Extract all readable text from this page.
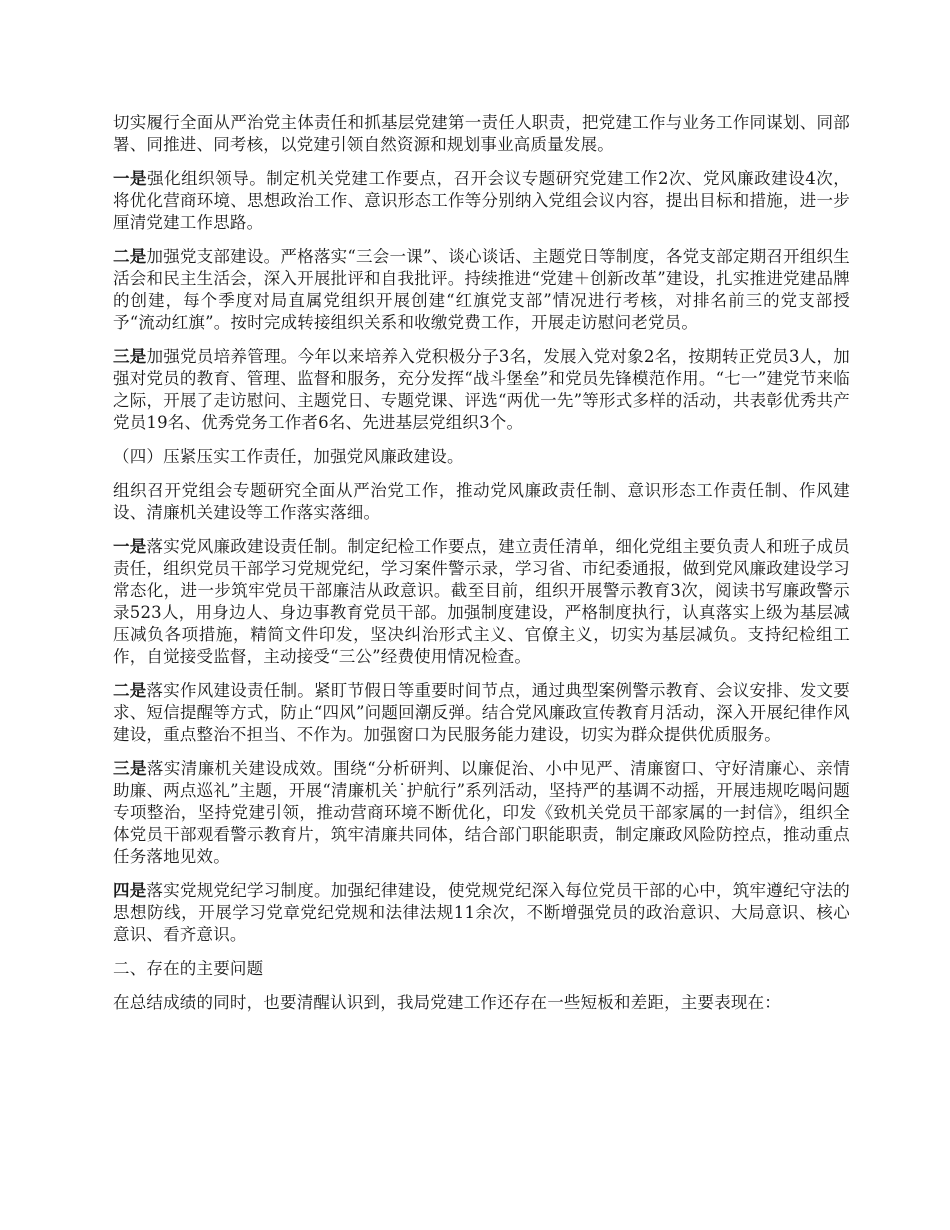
切实履行全面从严治党主体责任和抓基层党建第一责任人职责，把党建工作与业务工作同谋划、同部署、同推进、同考核，以党建引领自然资源和规划事业高质量发展。

一是强化组织领导。制定机关党建工作要点，召开会议专题研究党建工作2次、党风廉政建设4次，将优化营商环境、思想政治工作、意识形态工作等分别纳入党组会议内容，提出目标和措施，进一步厘清党建工作思路。

二是加强党支部建设。严格落实“三会一课”、谈心谈话、主题党日等制度，各党支部定期召开组织生活会和民主生活会，深入开展批评和自我批评。持续推进“党建＋创新改革”建设，扎实推进党建品牌的创建，每个季度对局直属党组织开展创建“红旗党支部”情况进行考核，对排名前三的党支部授予“流动红旗”。按时完成转接组织关系和收缴党费工作，开展走访慰问老党员。

三是加强党员培养管理。今年以来培养入党积极分子3名，发展入党对象2名，按期转正党员3人，加强对党员的教育、管理、监督和服务，充分发挥“战斗堡垒”和党员先锋模范作用。“七一”建党节来临之际，开展了走访慰问、主题党日、专题党课、评选“两优一先”等形式多样的活动，共表彰优秀共产党员19名、优秀党务工作者6名、先进基层党组织3个。

（四）压紧压实工作责任，加强党风廉政建设。

组织召开党组会专题研究全面从严治党工作，推动党风廉政责任制、意识形态工作责任制、作风建设、清廉机关建设等工作落实落细。

一是落实党风廉政建设责任制。制定纪检工作要点，建立责任清单，细化党组主要负责人和班子成员责任，组织党员干部学习党规党纪，学习案件警示录，学习省、市纪委通报，做到党风廉政建设学习常态化，进一步筑牢党员干部廉洁从政意识。截至目前，组织开展警示教育3次，阅读书写廉政警示录523人，用身边人、身边事教育党员干部。加强制度建设，严格制度执行，认真落实上级为基层减压减负各项措施，精简文件印发，坚决纠治形式主义、官僚主义，切实为基层减负。支持纪检组工作，自觉接受监督，主动接受“三公”经费使用情况检查。

二是落实作风建设责任制。紧盯节假日等重要时间节点，通过典型案例警示教育、会议安排、发文要求、短信提醒等方式，防止“四风”问题回潮反弹。结合党风廉政宣传教育月活动，深入开展纪律作风建设，重点整治不担当、不作为。加强窗口为民服务能力建设，切实为群众提供优质服务。

三是落实清廉机关建设成效。围绕“分析研判、以廉促治、小中见严、清廉窗口、守好清廉心、亲情助廉、两点巡礼”主题，开展“清廉机关˙护航行”系列活动，坚持严的基调不动摇，开展违规吃喝问题专项整治，坚持党建引领，推动营商环境不断优化，印发《致机关党员干部家属的一封信》，组织全体党员干部观看警示教育片，筑牢清廉共同体，结合部门职能职责，制定廉政风险防控点，推动重点任务落地见效。

四是落实党规党纪学习制度。加强纪律建设，使党规党纪深入每位党员干部的心中，筑牢遵纪守法的思想防线，开展学习党章党纪党规和法律法规11余次，不断增强党员的政治意识、大局意识、核心意识、看齐意识。

二、存在的主要问题

在总结成绩的同时，也要清醒认识到，我局党建工作还存在一些短板和差距，主要表现在：
